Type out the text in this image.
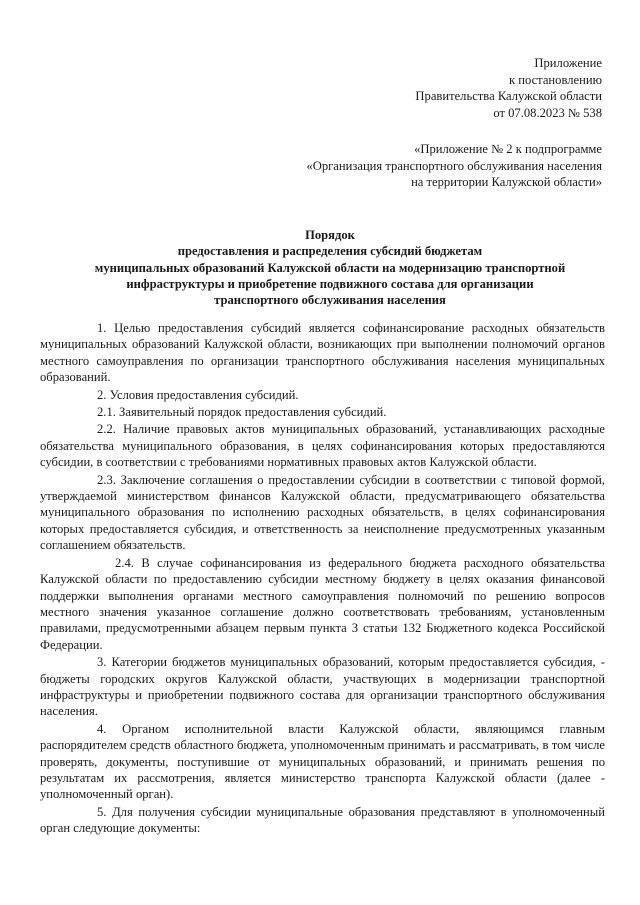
Приложение
к постановлению
Правительства Калужской области
от 07.08.2023 № 538
«Приложение № 2 к подпрограмме
«Организация транспортного обслуживания населения
на территории Калужской области»
Порядок
предоставления и распределения субсидий бюджетам
муниципальных образований Калужской области на модернизацию транспортной
инфраструктуры и приобретение подвижного состава для организации
транспортного обслуживания населения

1. Целью предоставления субсидий является софинансирование расходных обязательств муниципальных образований Калужской области, возникающих при выполнении полномочий органов местного самоуправления по организации транспортного обслуживания населения муниципальных образований.

2. Условия предоставления субсидий.

2.1. Заявительный порядок предоставления субсидий.

2.2. Наличие правовых актов муниципальных образований, устанавливающих расходные обязательства муниципального образования, в целях софинансирования которых предоставляются субсидии, в соответствии с требованиями нормативных правовых актов Калужской области.

2.3. Заключение соглашения о предоставлении субсидии в соответствии с типовой формой, утверждаемой министерством финансов Калужской области, предусматривающего обязательства муниципального образования по исполнению расходных обязательств, в целях софинансирования которых предоставляется субсидия, и ответственность за неисполнение предусмотренных указанным соглашением обязательств.

2.4. В случае софинансирования из федерального бюджета расходного обязательства Калужской области по предоставлению субсидии местному бюджету в целях оказания финансовой поддержки выполнения органами местного самоуправления полномочий по решению вопросов местного значения указанное соглашение должно соответствовать требованиям, установленным правилами, предусмотренными абзацем первым пункта 3 статьи 132 Бюджетного кодекса Российской Федерации.

3. Категории бюджетов муниципальных образований, которым предоставляется субсидия, - бюджеты городских округов Калужской области, участвующих в модернизации транспортной инфраструктуры и приобретении подвижного состава для организации транспортного обслуживания населения.

4. Органом исполнительной власти Калужской области, являющимся главным распорядителем средств областного бюджета, уполномоченным принимать и рассматривать, в том числе проверять, документы, поступившие от муниципальных образований, и принимать решения по результатам их рассмотрения, является министерство транспорта Калужской области (далее - уполномоченный орган).

5. Для получения субсидии муниципальные образования представляют в уполномоченный орган следующие документы:
